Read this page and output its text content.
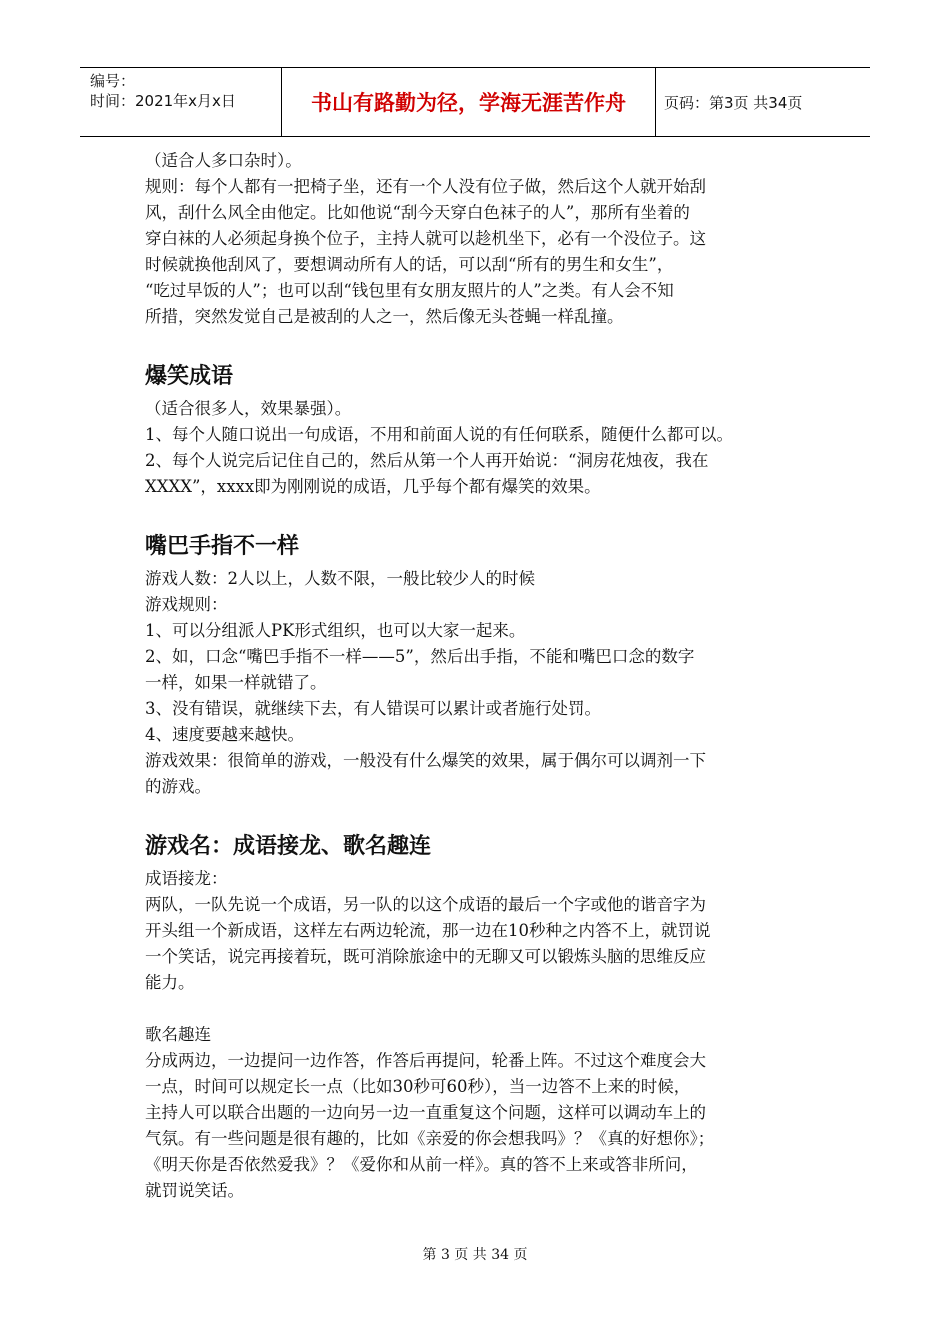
编号：
时间：2021年x月x日	书山有路勤为径，学海无涯苦作舟	页码：第3页 共34页

（适合人多口杂时）。

规则：每个人都有一把椅子坐，还有一个人没有位子做，然后这个人就开始刮

风，刮什么风全由他定。比如他说“刮今天穿白色袜子的人”，那所有坐着的

穿白袜的人必须起身换个位子，主持人就可以趁机坐下，必有一个没位子。这

时候就换他刮风了，要想调动所有人的话，可以刮“所有的男生和女生”，

“吃过早饭的人”；也可以刮“钱包里有女朋友照片的人”之类。有人会不知

所措，突然发觉自己是被刮的人之一，然后像无头苍蝇一样乱撞。

爆笑成语

（适合很多人，效果暴强）。

1、每个人随口说出一句成语，不用和前面人说的有任何联系，随便什么都可以。

2、每个人说完后记住自己的，然后从第一个人再开始说：“洞房花烛夜，我在

XXXX”，xxxx即为刚刚说的成语，几乎每个都有爆笑的效果。

嘴巴手指不一样

游戏人数：2人以上，人数不限，一般比较少人的时候

游戏规则：

1、可以分组派人PK形式组织，也可以大家一起来。

2、如，口念“嘴巴手指不一样——5”，然后出手指，不能和嘴巴口念的数字

一样，如果一样就错了。

3、没有错误，就继续下去，有人错误可以累计或者施行处罚。

4、速度要越来越快。

游戏效果：很简单的游戏，一般没有什么爆笑的效果，属于偶尔可以调剂一下

的游戏。

游戏名：成语接龙、歌名趣连

成语接龙：

两队，一队先说一个成语，另一队的以这个成语的最后一个字或他的谐音字为

开头组一个新成语，这样左右两边轮流，那一边在10秒种之内答不上，就罚说

一个笑话，说完再接着玩，既可消除旅途中的无聊又可以锻炼头脑的思维反应

能力。

歌名趣连

分成两边，一边提问一边作答，作答后再提问，轮番上阵。不过这个难度会大

一点，时间可以规定长一点（比如30秒可60秒），当一边答不上来的时候，

主持人可以联合出题的一边向另一边一直重复这个问题，这样可以调动车上的

气氛。有一些问题是很有趣的，比如《亲爱的你会想我吗》？《真的好想你》；

《明天你是否依然爱我》？《爱你和从前一样》。真的答不上来或答非所问，

就罚说笑话。

第 3 页 共 34 页
